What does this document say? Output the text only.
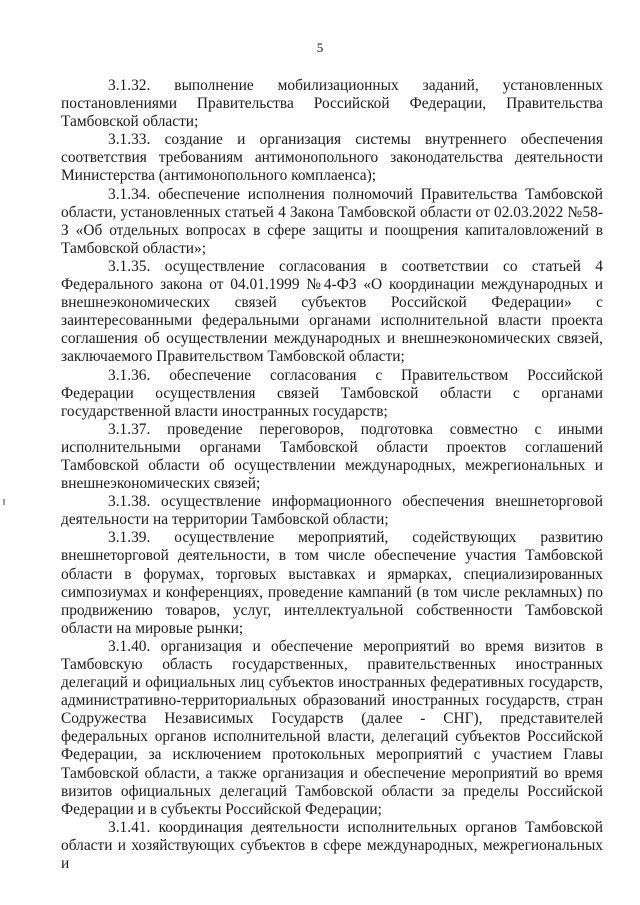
5

3.1.32. выполнение мобилизационных заданий, установленных постановлениями Правительства Российской Федерации, Правительства Тамбовской области;

3.1.33. создание и организация системы внутреннего обеспечения соответствия требованиям антимонопольного законодательства деятельности Министерства (антимонопольного комплаенса);

3.1.34. обеспечение исполнения полномочий Правительства Тамбовской области, установленных статьей 4 Закона Тамбовской области от 02.03.2022 №58-З «Об отдельных вопросах в сфере защиты и поощрения капиталовложений в Тамбовской области»;

3.1.35. осуществление согласования в соответствии со статьей 4 Федерального закона от 04.01.1999 №4-ФЗ «О координации международных и внешнеэкономических связей субъектов Российской Федерации» с заинтересованными федеральными органами исполнительной власти проекта соглашения об осуществлении международных и внешнеэкономических связей, заключаемого Правительством Тамбовской области;

3.1.36. обеспечение согласования с Правительством Российской Федерации осуществления связей Тамбовской области с органами государственной власти иностранных государств;

3.1.37. проведение переговоров, подготовка совместно с иными исполнительными органами Тамбовской области проектов соглашений Тамбовской области об осуществлении международных, межрегиональных и внешнеэкономических связей;

3.1.38. осуществление информационного обеспечения внешнеторговой деятельности на территории Тамбовской области;

3.1.39. осуществление мероприятий, содействующих развитию внешнеторговой деятельности, в том числе обеспечение участия Тамбовской области в форумах, торговых выставках и ярмарках, специализированных симпозиумах и конференциях, проведение кампаний (в том числе рекламных) по продвижению товаров, услуг, интеллектуальной собственности Тамбовской области на мировые рынки;

3.1.40. организация и обеспечение мероприятий во время визитов в Тамбовскую область государственных, правительственных иностранных делегаций и официальных лиц субъектов иностранных федеративных государств, административно-территориальных образований иностранных государств, стран Содружества Независимых Государств (далее - СНГ), представителей федеральных органов исполнительной власти, делегаций субъектов Российской Федерации, за исключением протокольных мероприятий с участием Главы Тамбовской области, а также организация и обеспечение мероприятий во время визитов официальных делегаций Тамбовской области за пределы Российской Федерации и в субъекты Российской Федерации;

3.1.41. координация деятельности исполнительных органов Тамбовской области и хозяйствующих субъектов в сфере международных, межрегиональных и
